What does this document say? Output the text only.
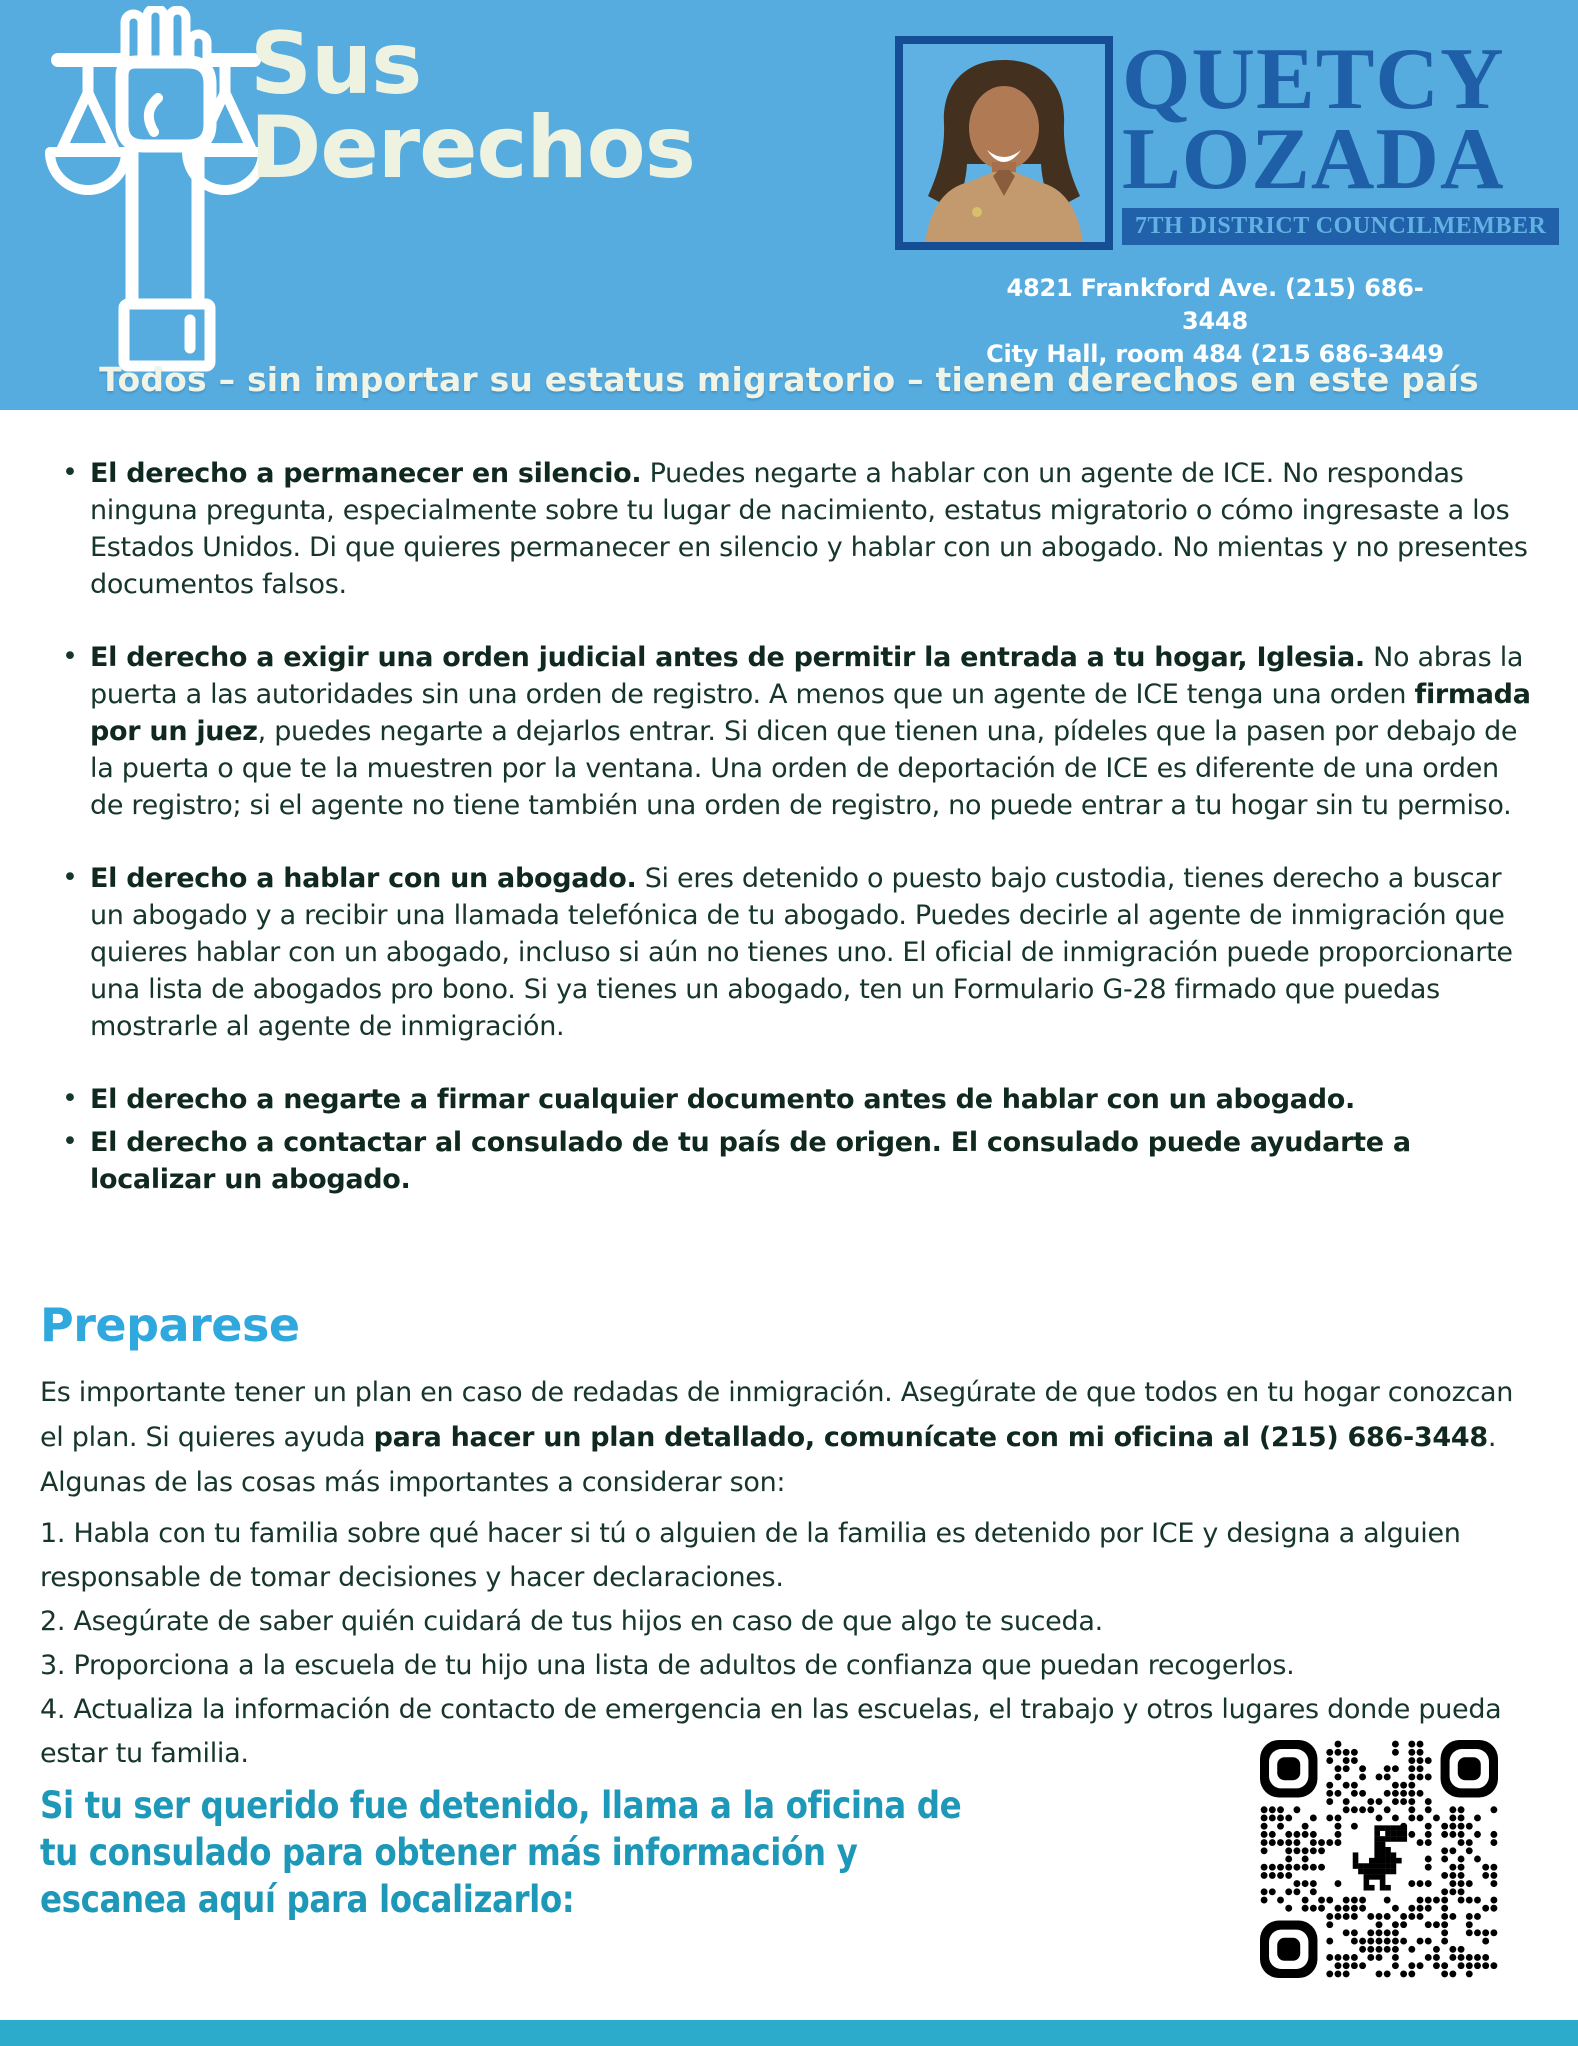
Sus
Derechos
QUETCY
LOZADA
7TH DISTRICT COUNCILMEMBER
4821 Frankford Ave. (215) 686-3448
City Hall, room 484 (215 686-3449
Todos – sin importar su estatus migratorio – tienen derechos en este país
• El derecho a permanecer en silencio. Puedes negarte a hablar con un agente de ICE. No respondas ninguna pregunta, especialmente sobre tu lugar de nacimiento, estatus migratorio o cómo ingresaste a los Estados Unidos. Di que quieres permanecer en silencio y hablar con un abogado. No mientas y no presentes documentos falsos.
• El derecho a exigir una orden judicial antes de permitir la entrada a tu hogar, Iglesia. No abras la puerta a las autoridades sin una orden de registro. A menos que un agente de ICE tenga una orden firmada por un juez, puedes negarte a dejarlos entrar. Si dicen que tienen una, pídeles que la pasen por debajo de la puerta o que te la muestren por la ventana. Una orden de deportación de ICE es diferente de una orden de registro; si el agente no tiene también una orden de registro, no puede entrar a tu hogar sin tu permiso.
• El derecho a hablar con un abogado. Si eres detenido o puesto bajo custodia, tienes derecho a buscar un abogado y a recibir una llamada telefónica de tu abogado. Puedes decirle al agente de inmigración que quieres hablar con un abogado, incluso si aún no tienes uno. El oficial de inmigración puede proporcionarte una lista de abogados pro bono. Si ya tienes un abogado, ten un Formulario G-28 firmado que puedas mostrarle al agente de inmigración.
• El derecho a negarte a firmar cualquier documento antes de hablar con un abogado.
• El derecho a contactar al consulado de tu país de origen. El consulado puede ayudarte a localizar un abogado.
Preparese
Es importante tener un plan en caso de redadas de inmigración. Asegúrate de que todos en tu hogar conozcan el plan. Si quieres ayuda para hacer un plan detallado, comunícate con mi oficina al (215) 686-3448. Algunas de las cosas más importantes a considerar son:
1. Habla con tu familia sobre qué hacer si tú o alguien de la familia es detenido por ICE y designa a alguien responsable de tomar decisiones y hacer declaraciones.
2. Asegúrate de saber quién cuidará de tus hijos en caso de que algo te suceda.
3. Proporciona a la escuela de tu hijo una lista de adultos de confianza que puedan recogerlos.
4. Actualiza la información de contacto de emergencia en las escuelas, el trabajo y otros lugares donde pueda estar tu familia.
Si tu ser querido fue detenido, llama a la oficina de tu consulado para obtener más información y escanea aquí para localizarlo:
